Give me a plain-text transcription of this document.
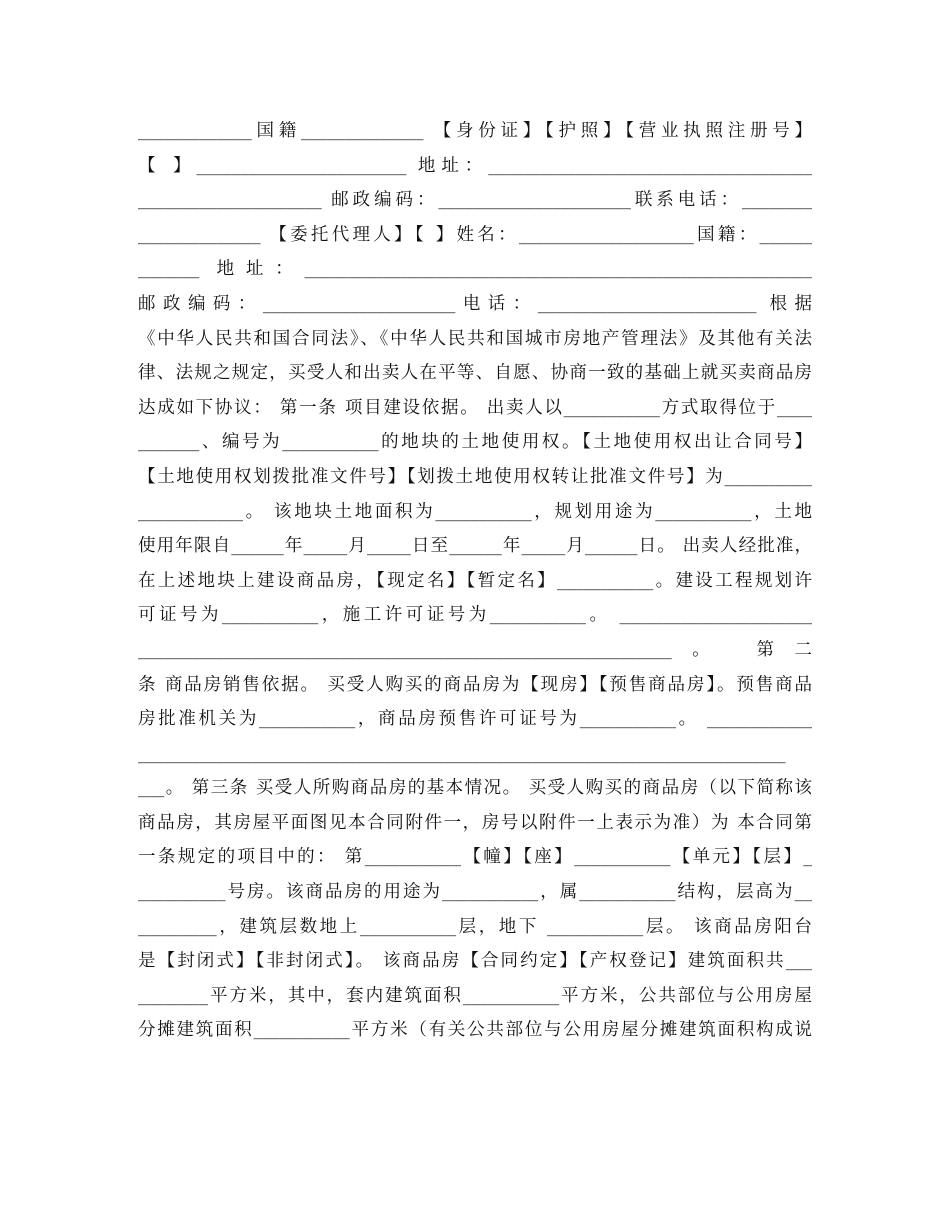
_____________国籍______________ 【身份证】【护照】【营业执照注册号】
【 】________________________ 地址：_____________________________________
_____________________ 邮政编码：______________________联系电话：________
______________ 【委托代理人】【 】姓名：____________________国籍：______
_______ 地址：__________________________________________________________
邮政编码：______________________电话：_________________________ 根据
《中华人民共和国合同法》、《中华人民共和国城市房地产管理法》及其他有关法
律、法规之规定，买受人和出卖人在平等、自愿、协商一致的基础上就买卖商品房
达成如下协议： 第一条 项目建设依据。 出卖人以___________方式取得位于____
_______、编号为___________的地块的土地使用权。【土地使用权出让合同号】
【土地使用权划拨批准文件号】【划拨土地使用权转让批准文件号】为__________
____________。 该地块土地面积为___________，规划用途为___________，土地
使用年限自______年_____月_____日至______年_____月______日。 出卖人经批准，
在上述地块上建设商品房，【现定名】【暂定名】___________。建设工程规划许
可证号为___________，施工许可证号为___________。 ______________________
_____________________________________________________________。 第二
条 商品房销售依据。 买受人购买的商品房为【现房】【预售商品房】。预售商品
房批准机关为___________，商品房预售许可证号为___________。 ____________
__________________________________________________________________________
___。 第三条 买受人所购商品房的基本情况。 买受人购买的商品房（以下简称该
商品房，其房屋平面图见本合同附件一，房号以附件一上表示为准）为 本合同第
一条规定的项目中的： 第___________【幢】【座】___________【单元】【层】_
__________号房。该商品房的用途为___________，属___________结构，层高为__
_________，建筑层数地上___________层，地下 ___________层。 该商品房阳台
是【封闭式】【非封闭式】。 该商品房【合同约定】【产权登记】建筑面积共___
________平方米，其中，套内建筑面积___________平方米，公共部位与公用房屋
分摊建筑面积___________平方米（有关公共部位与公用房屋分摊建筑面积构成说
